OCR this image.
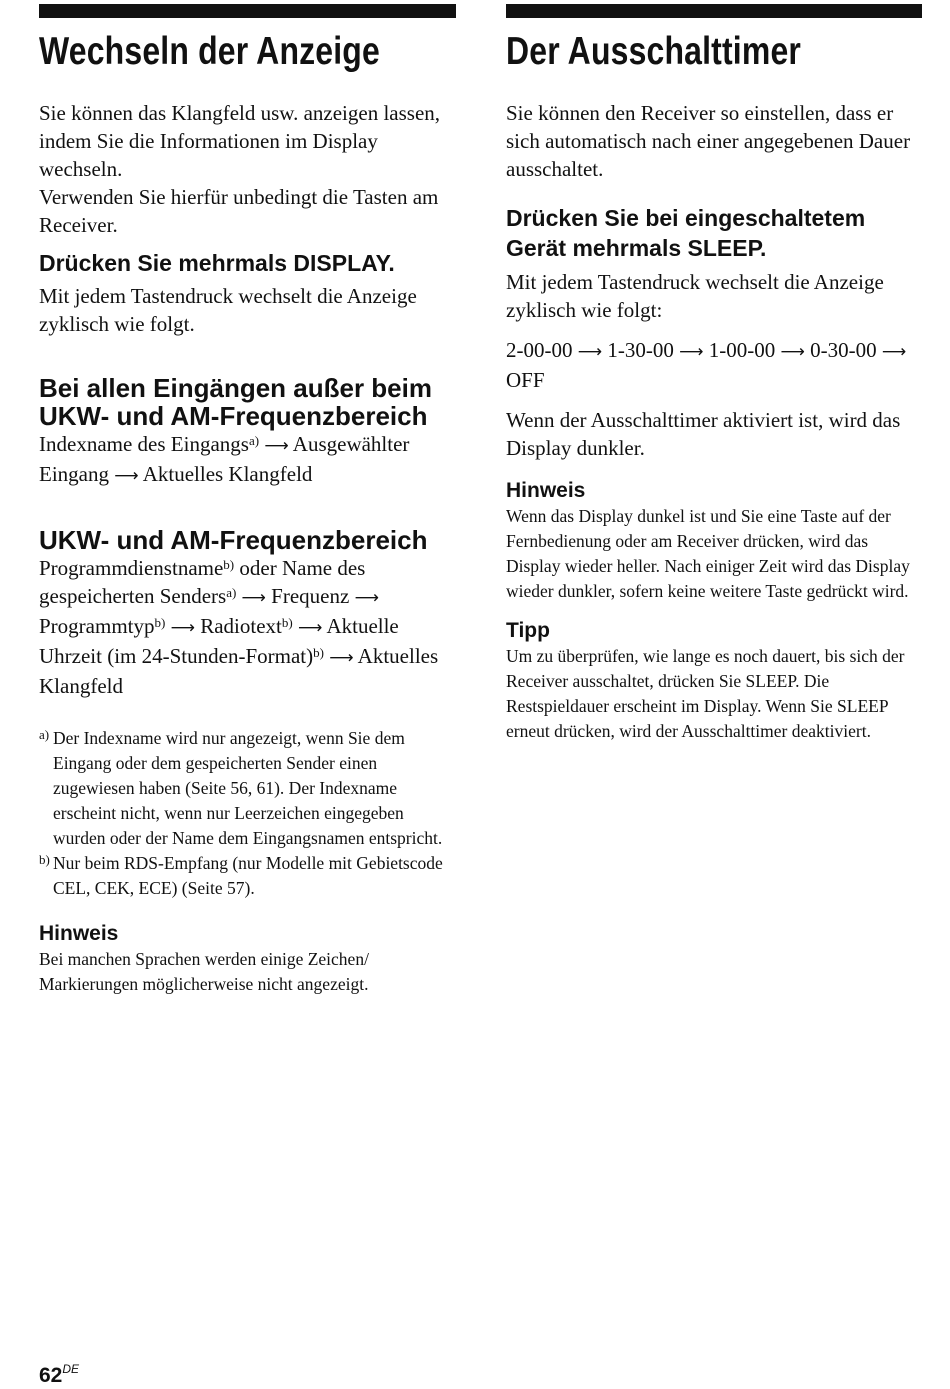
Wechseln der Anzeige

Sie können das Klangfeld usw. anzeigen lassen, indem Sie die Informationen im Display wechseln.

Verwenden Sie hierfür unbedingt die Tasten am Receiver.

Drücken Sie mehrmals DISPLAY.

Mit jedem Tastendruck wechselt die Anzeige zyklisch wie folgt.

Bei allen Eingängen außer beim UKW- und AM-Frequenzbereich

Indexname des Eingangs$^{a)}$ ⟶ Ausgewählter Eingang ⟶ Aktuelles Klangfeld

UKW- und AM-Frequenzbereich

Programmdienstname$^{b)}$ oder Name des gespeicherten Senders$^{a)}$ ⟶ Frequenz ⟶ Programmtyp$^{b)}$ ⟶ Radiotext$^{b)}$ ⟶ Aktuelle Uhrzeit (im 24-Stunden-Format)$^{b)}$ ⟶ Aktuelles Klangfeld

a) Der Indexname wird nur angezeigt, wenn Sie dem Eingang oder dem gespeicherten Sender einen zugewiesen haben (Seite 56, 61). Der Indexname erscheint nicht, wenn nur Leerzeichen eingegeben wurden oder der Name dem Eingangsnamen entspricht.

b) Nur beim RDS-Empfang (nur Modelle mit Gebietscode CEL, CEK, ECE) (Seite 57).

Hinweis

Bei manchen Sprachen werden einige Zeichen/ Markierungen möglicherweise nicht angezeigt.

Der Ausschalttimer

Sie können den Receiver so einstellen, dass er sich automatisch nach einer angegebenen Dauer ausschaltet.

Drücken Sie bei eingeschaltetem Gerät mehrmals SLEEP.

Mit jedem Tastendruck wechselt die Anzeige zyklisch wie folgt:

2-00-00 ⟶ 1-30-00 ⟶ 1-00-00 ⟶ 0-30-00 ⟶ OFF

Wenn der Ausschalttimer aktiviert ist, wird das Display dunkler.

Hinweis

Wenn das Display dunkel ist und Sie eine Taste auf der Fernbedienung oder am Receiver drücken, wird das Display wieder heller. Nach einiger Zeit wird das Display wieder dunkler, sofern keine weitere Taste gedrückt wird.

Tipp

Um zu überprüfen, wie lange es noch dauert, bis sich der Receiver ausschaltet, drücken Sie SLEEP. Die Restspieldauer erscheint im Display. Wenn Sie SLEEP erneut drücken, wird der Ausschalttimer deaktiviert.

62DE
